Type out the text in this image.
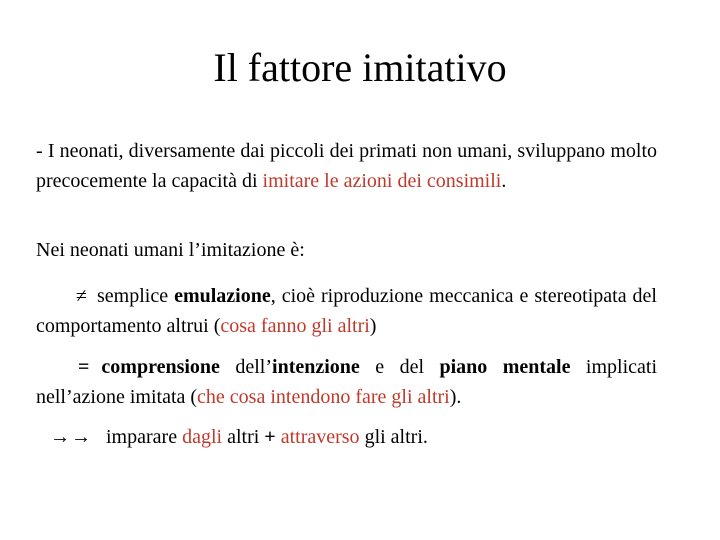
Il fattore imitativo
- I neonati, diversamente dai piccoli dei primati non umani, sviluppano molto precocemente la capacità di imitare le azioni dei consimili.
Nei neonati umani l’imitazione è:
≠ semplice emulazione, cioè riproduzione meccanica e stereotipata del comportamento altrui (cosa fanno gli altri)
= comprensione dell’intenzione e del piano mentale implicati nell’azione imitata (che cosa intendono fare gli altri).
→→ imparare dagli altri + attraverso gli altri.
